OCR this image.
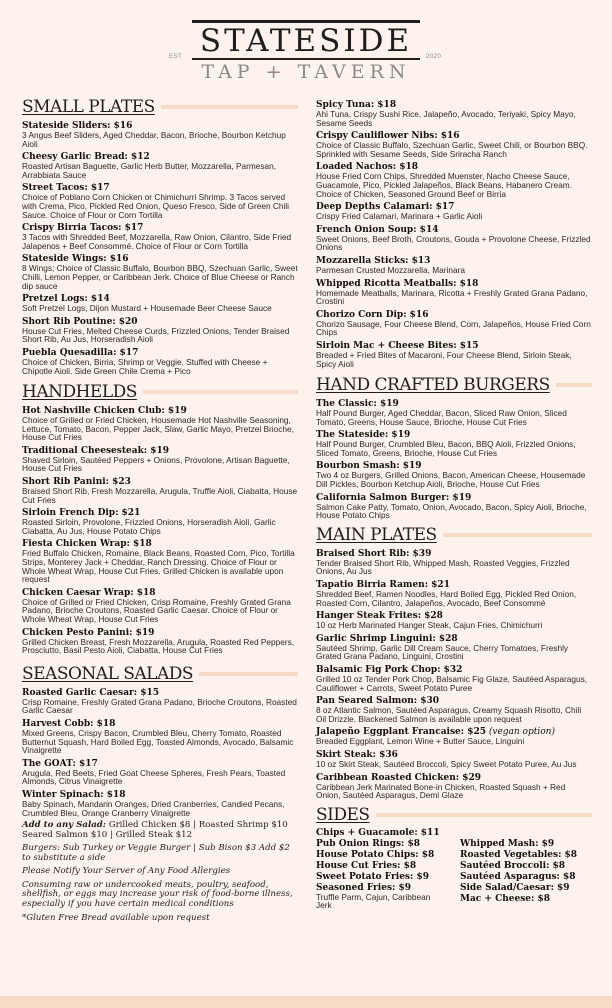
STATESIDE
EST	2020
TAP + TAVERN
SMALL PLATES
Stateside Sliders: $16
3 Angus Beef Sliders, Aged Cheddar, Bacon, Brioche, Bourbon Ketchup Aioli
Cheesy Garlic Bread: $12
Roasted Artisan Baguette, Garlic Herb Butter, Mozzarella, Parmesan, Arrabbiata Sauce
Street Tacos: $17
Choice of Poblano Corn Chicken or Chimichurri Shrimp. 3 Tacos served with Crema, Pico, Pickled Red Onion, Queso Fresco, Side of Green Chili Sauce. Choice of Flour or Corn Tortilla
Crispy Birria Tacos: $17
3 Tacos with Shredded Beef, Mozzarella, Raw Onion, Cilantro, Side Fried Jalapenos + Beef Consommé. Choice of Flour or Corn Tortilla
Stateside Wings: $16
8 Wings; Choice of Classic Buffalo, Bourbon BBQ, Szechuan Garlic, Sweet Chilli, Lemon Pepper, or Caribbean Jerk. Choice of Blue Cheese or Ranch dip sauce
Pretzel Logs: $14
Soft Pretzel Logs, Dijon Mustard + Housemade Beer Cheese Sauce
Short Rib Poutine: $20
House Cut Fries, Melted Cheese Curds, Frizzled Onions, Tender Braised Short Rib, Au Jus, Horseradish Aioli
Puebla Quesadilla: $17
Choice of Chicken, Birria, Shrimp or Veggie. Stuffed with Cheese + Chipotle Aioli. Side Green Chile Crema + Pico
HANDHELDS
Hot Nashville Chicken Club: $19
Choice of Grilled or Fried Chicken, Housemade Hot Nashville Seasoning, Lettuce, Tomato, Bacon, Pepper Jack, Slaw, Garlic Mayo, Pretzel Brioche, House Cut Fries
Traditional Cheesesteak: $19
Shaved Sirloin, Sautéed Peppers + Onions, Provolone, Artisan Baguette, House Cut Fries
Short Rib Panini: $23
Braised Short Rib, Fresh Mozzarella, Arugula, Truffle Aioli, Ciabatta, House Cut Fries
Sirloin French Dip: $21
Roasted Sirloin, Provolone, Frizzled Onions, Horseradish Aioli, Garlic Ciabatta, Au Jus, House Potato Chips
Fiesta Chicken Wrap: $18
Fried Buffalo Chicken, Romaine, Black Beans, Roasted Corn, Pico, Tortilla Strips, Monterey Jack + Cheddar, Ranch Dressing. Choice of Flour or Whole Wheat Wrap, House Cut Fries. Grilled Chicken is available upon request
Chicken Caesar Wrap: $18
Choice of Grilled or Fried Chicken, Crisp Romaine, Freshly Grated Grana Padano, Brioche Croutons, Roasted Garlic Caesar. Choice of Flour or Whole Wheat Wrap, House Cut Fries
Chicken Pesto Panini: $19
Grilled Chicken Breast, Fresh Mozzarella, Arugula, Roasted Red Peppers, Prosciutto, Basil Pesto Aioli, Ciabatta, House Cut Fries
SEASONAL SALADS
Roasted Garlic Caesar: $15
Crisp Romaine, Freshly Grated Grana Padano, Brioche Croutons, Roasted Garlic Caesar
Harvest Cobb: $18
Mixed Greens, Crispy Bacon, Crumbled Bleu, Cherry Tomato, Roasted Butternut Squash, Hard Boiled Egg, Toasted Almonds, Avocado, Balsamic Vinaigrette
The GOAT: $17
Arugula, Red Beets, Fried Goat Cheese Spheres, Fresh Pears, Toasted Almonds, Citrus Vinaigrette
Winter Spinach: $18
Baby Spinach, Mandarin Oranges, Dried Cranberries, Candied Pecans, Crumbled Bleu, Orange Cranberry Vinaigrette
Add to any Salad: Grilled Chicken $8 | Roasted Shrimp $10 Seared Salmon $10 | Grilled Steak $12
Burgers: Sub Turkey or Veggie Burger | Sub Bison $3 Add $2 to substitute a side
Please Notify Your Server of Any Food Allergies
Consuming raw or undercooked meats, poultry, seafood, shellfish, or eggs may increase your risk of food-borne illness, especially if you have certain medical conditions
*Gluten Free Bread available upon request
Spicy Tuna: $18
Ahi Tuna, Crispy Sushi Rice, Jalapeño, Avocado, Teriyaki, Spicy Mayo, Sesame Seeds
Crispy Cauliflower Nibs: $16
Choice of Classic Buffalo, Szechuan Garlic, Sweet Chili, or Bourbon BBQ. Sprinkled with Sesame Seeds, Side Sriracha Ranch
Loaded Nachos: $18
House Fried Corn Chips, Shredded Muenster, Nacho Cheese Sauce, Guacamole, Pico, Pickled Jalapeños, Black Beans, Habanero Cream. Choice of Chicken, Seasoned Ground Beef or Birria
Deep Depths Calamari: $17
Crispy Fried Calamari, Marinara + Garlic Aioli
French Onion Soup: $14
Sweet Onions, Beef Broth, Croutons, Gouda + Provolone Cheese, Frizzled Onions
Mozzarella Sticks: $13
Parmesan Crusted Mozzarella, Marinara
Whipped Ricotta Meatballs: $18
Homemade Meatballs, Marinara, Ricotta + Freshly Grated Grana Padano, Crostini
Chorizo Corn Dip: $16
Chorizo Sausage, Four Cheese Blend, Corn, Jalapeños, House Fried Corn Chips
Sirloin Mac + Cheese Bites: $15
Breaded + Fried Bites of Macaroni, Four Cheese Blend, Sirloin Steak, Spicy Aioli
HAND CRAFTED BURGERS
The Classic: $19
Half Pound Burger, Aged Cheddar, Bacon, Sliced Raw Onion, Sliced Tomato, Greens, House Sauce, Brioche, House Cut Fries
The Stateside: $19
Half Pound Burger, Crumbled Bleu, Bacon, BBQ Aioli, Frizzled Onions, Sliced Tomato, Greens, Brioche, House Cut Fries
Bourbon Smash: $19
Two 4 oz Burgers, Grilled Onions, Bacon, American Cheese, Housemade Dill Pickles, Bourbon Ketchup Aioli, Brioche, House Cut Fries
California Salmon Burger: $19
Salmon Cake Patty, Tomato, Onion, Avocado, Bacon, Spicy Aioli, Brioche, House Potato Chips
MAIN PLATES
Braised Short Rib: $39
Tender Braised Short Rib, Whipped Mash, Roasted Veggies, Frizzled Onions, Au Jus
Tapatio Birria Ramen: $21
Shredded Beef, Ramen Noodles, Hard Boiled Egg, Pickled Red Onion, Roasted Corn, Cilantro, Jalapeños, Avocado, Beef Consommé
Hanger Steak Frites: $28
10 oz Herb Marinated Hanger Steak, Cajun Fries, Chimichurri
Garlic Shrimp Linguini: $28
Sautéed Shrimp, Garlic Dill Cream Sauce, Cherry Tomatoes, Freshly Grated Grana Padano, Linguini, Crostini
Balsamic Fig Pork Chop: $32
Grilled 10 oz Tender Pork Chop, Balsamic Fig Glaze, Sautéed Asparagus, Cauliflower + Carrots, Sweet Potato Puree
Pan Seared Salmon: $30
8 oz Atlantic Salmon, Sautéed Asparagus, Creamy Squash Risotto, Chili Oil Drizzle. Blackened Salmon is available upon request
Jalapeño Eggplant Francaise: $25 (vegan option)
Breaded Eggplant, Lemon Wine + Butter Sauce, Linguini
Skirt Steak: $36
10 oz Skirt Steak, Sautéed Broccoli, Spicy Sweet Potato Puree, Au Jus
Caribbean Roasted Chicken: $29
Caribbean Jerk Marinated Bone-in Chicken, Roasted Squash + Red Onion, Sautéed Asparagus, Demi Glaze
SIDES
Chips + Guacamole: $11
Pub Onion Rings: $8
House Potato Chips: $8
House Cut Fries: $8
Sweet Potato Fries: $9
Seasoned Fries: $9
Truffle Parm, Cajun, Caribbean Jerk
Whipped Mash: $9
Roasted Vegetables: $8
Sautéed Broccoli: $8
Sautéed Asparagus: $8
Side Salad/Caesar: $9
Mac + Cheese: $8
